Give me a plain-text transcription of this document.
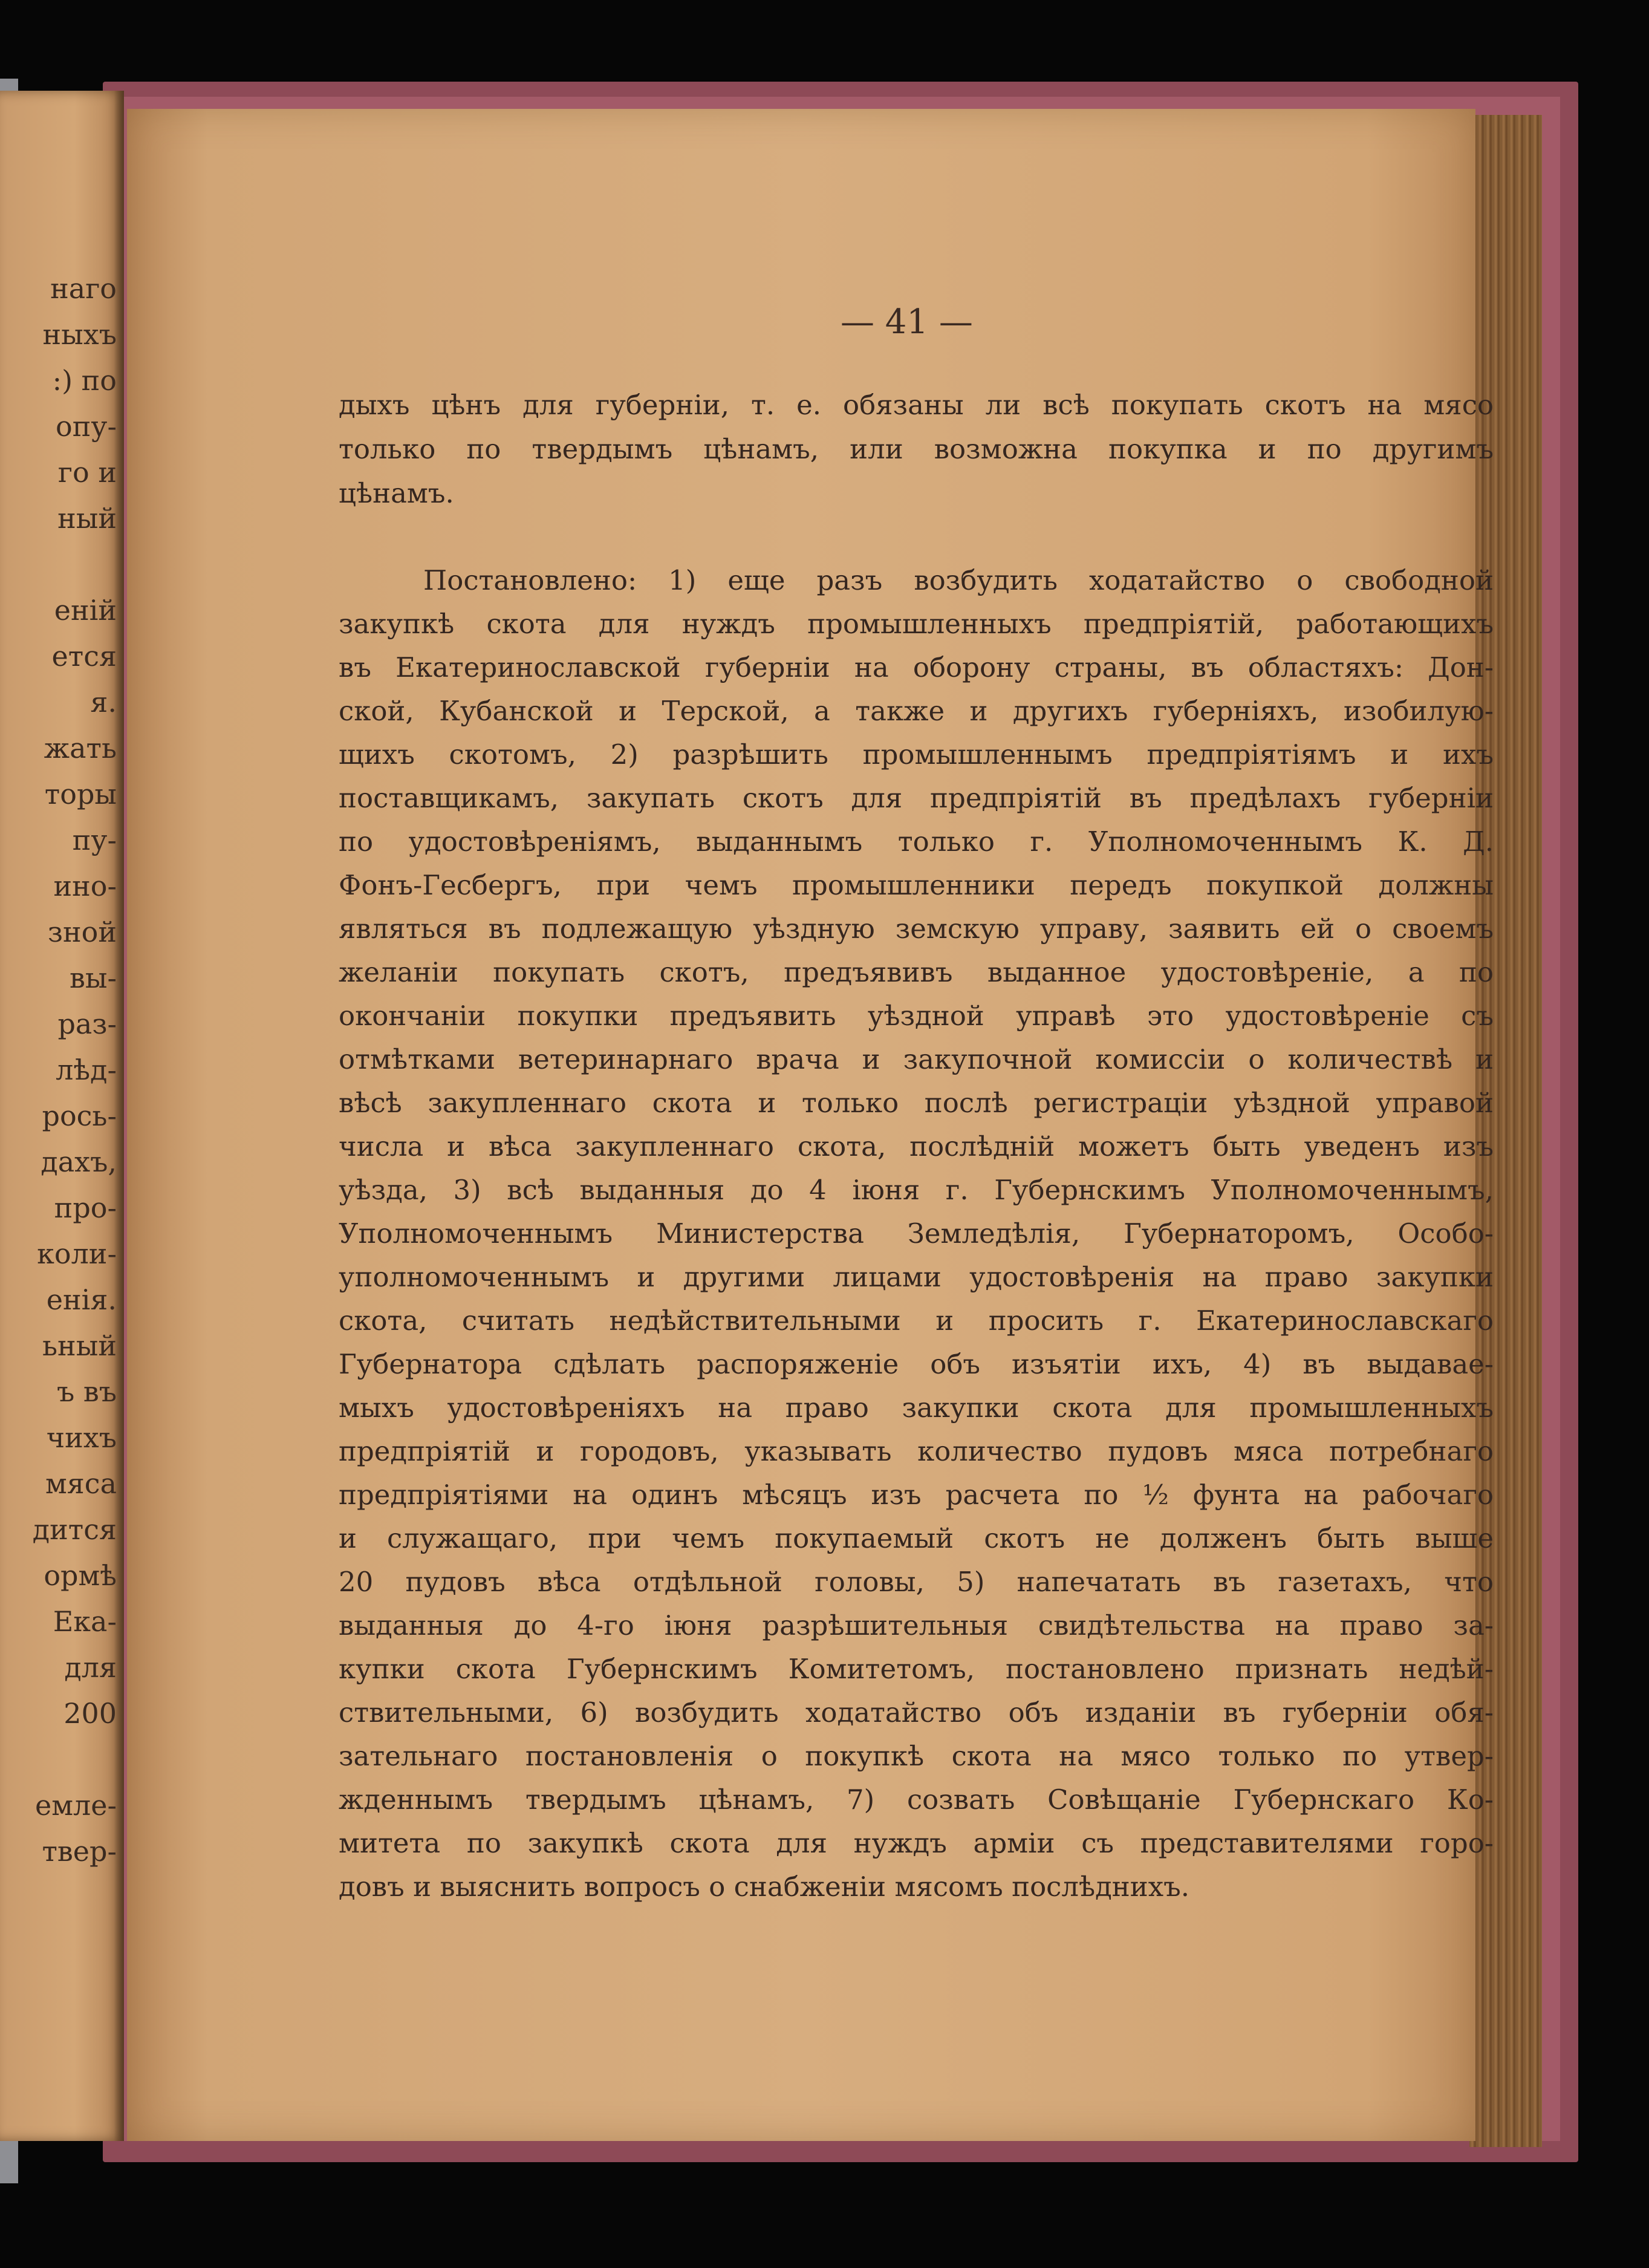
наго
ныхъ
:) по
опу-
го и
ный
еній
ется
я.
жать
торы
пу-
ино-
зной
вы-
раз-
лѣд-
рось-
дахъ,
про-
коли-
енія.
ьный
ъ въ
чихъ
мяса
дится
ормѣ
Ека-
для
200
емле-
твер-
— 41 —
дыхъ цѣнъ для губерніи, т. е. обязаны ли всѣ покупать скотъ на мясо
только по твердымъ цѣнамъ, или возможна покупка и по другимъ
цѣнамъ.
Постановлено: 1) еще разъ возбудить ходатайство о свободной
закупкѣ скота для нуждъ промышленныхъ предпріятій, работающихъ
въ Екатеринославской губерніи на оборону страны, въ областяхъ: Дон-
ской, Кубанской и Терской, а также и другихъ губерніяхъ, изобилую-
щихъ скотомъ, 2) разрѣшить промышленнымъ предпріятіямъ и ихъ
поставщикамъ, закупать скотъ для предпріятій въ предѣлахъ губерніи
по удостовѣреніямъ, выданнымъ только г. Уполномоченнымъ К. Д.
Фонъ-Гесбергъ, при чемъ промышленники передъ покупкой должны
являться въ подлежащую уѣздную земскую управу, заявить ей о своемъ
желаніи покупать скотъ, предъявивъ выданное удостовѣреніе, а по
окончаніи покупки предъявить уѣздной управѣ это удостовѣреніе съ
отмѣтками ветеринарнаго врача и закупочной комиссіи о количествѣ и
вѣсѣ закупленнаго скота и только послѣ регистраціи уѣздной управой
числа и вѣса закупленнаго скота, послѣдній можетъ быть уведенъ изъ
уѣзда, 3) всѣ выданныя до 4 іюня г. Губернскимъ Уполномоченнымъ,
Уполномоченнымъ Министерства Земледѣлія, Губернаторомъ, Особо-
уполномоченнымъ и другими лицами удостовѣренія на право закупки
скота, считать недѣйствительными и просить г. Екатеринославскаго
Губернатора сдѣлать распоряженіе объ изъятіи ихъ, 4) въ выдавае-
мыхъ удостовѣреніяхъ на право закупки скота для промышленныхъ
предпріятій и городовъ, указывать количество пудовъ мяса потребнаго
предпріятіями на одинъ мѣсяцъ изъ расчета по ½ фунта на рабочаго
и служащаго, при чемъ покупаемый скотъ не долженъ быть выше
20 пудовъ вѣса отдѣльной головы, 5) напечатать въ газетахъ, что
выданныя до 4-го іюня разрѣшительныя свидѣтельства на право за-
купки скота Губернскимъ Комитетомъ, постановлено признать недѣй-
ствительными, 6) возбудить ходатайство объ изданіи въ губерніи обя-
зательнаго постановленія о покупкѣ скота на мясо только по утвер-
жденнымъ твердымъ цѣнамъ, 7) созвать Совѣщаніе Губернскаго Ко-
митета по закупкѣ скота для нуждъ арміи съ представителями горо-
довъ и выяснить вопросъ о снабженіи мясомъ послѣднихъ.
